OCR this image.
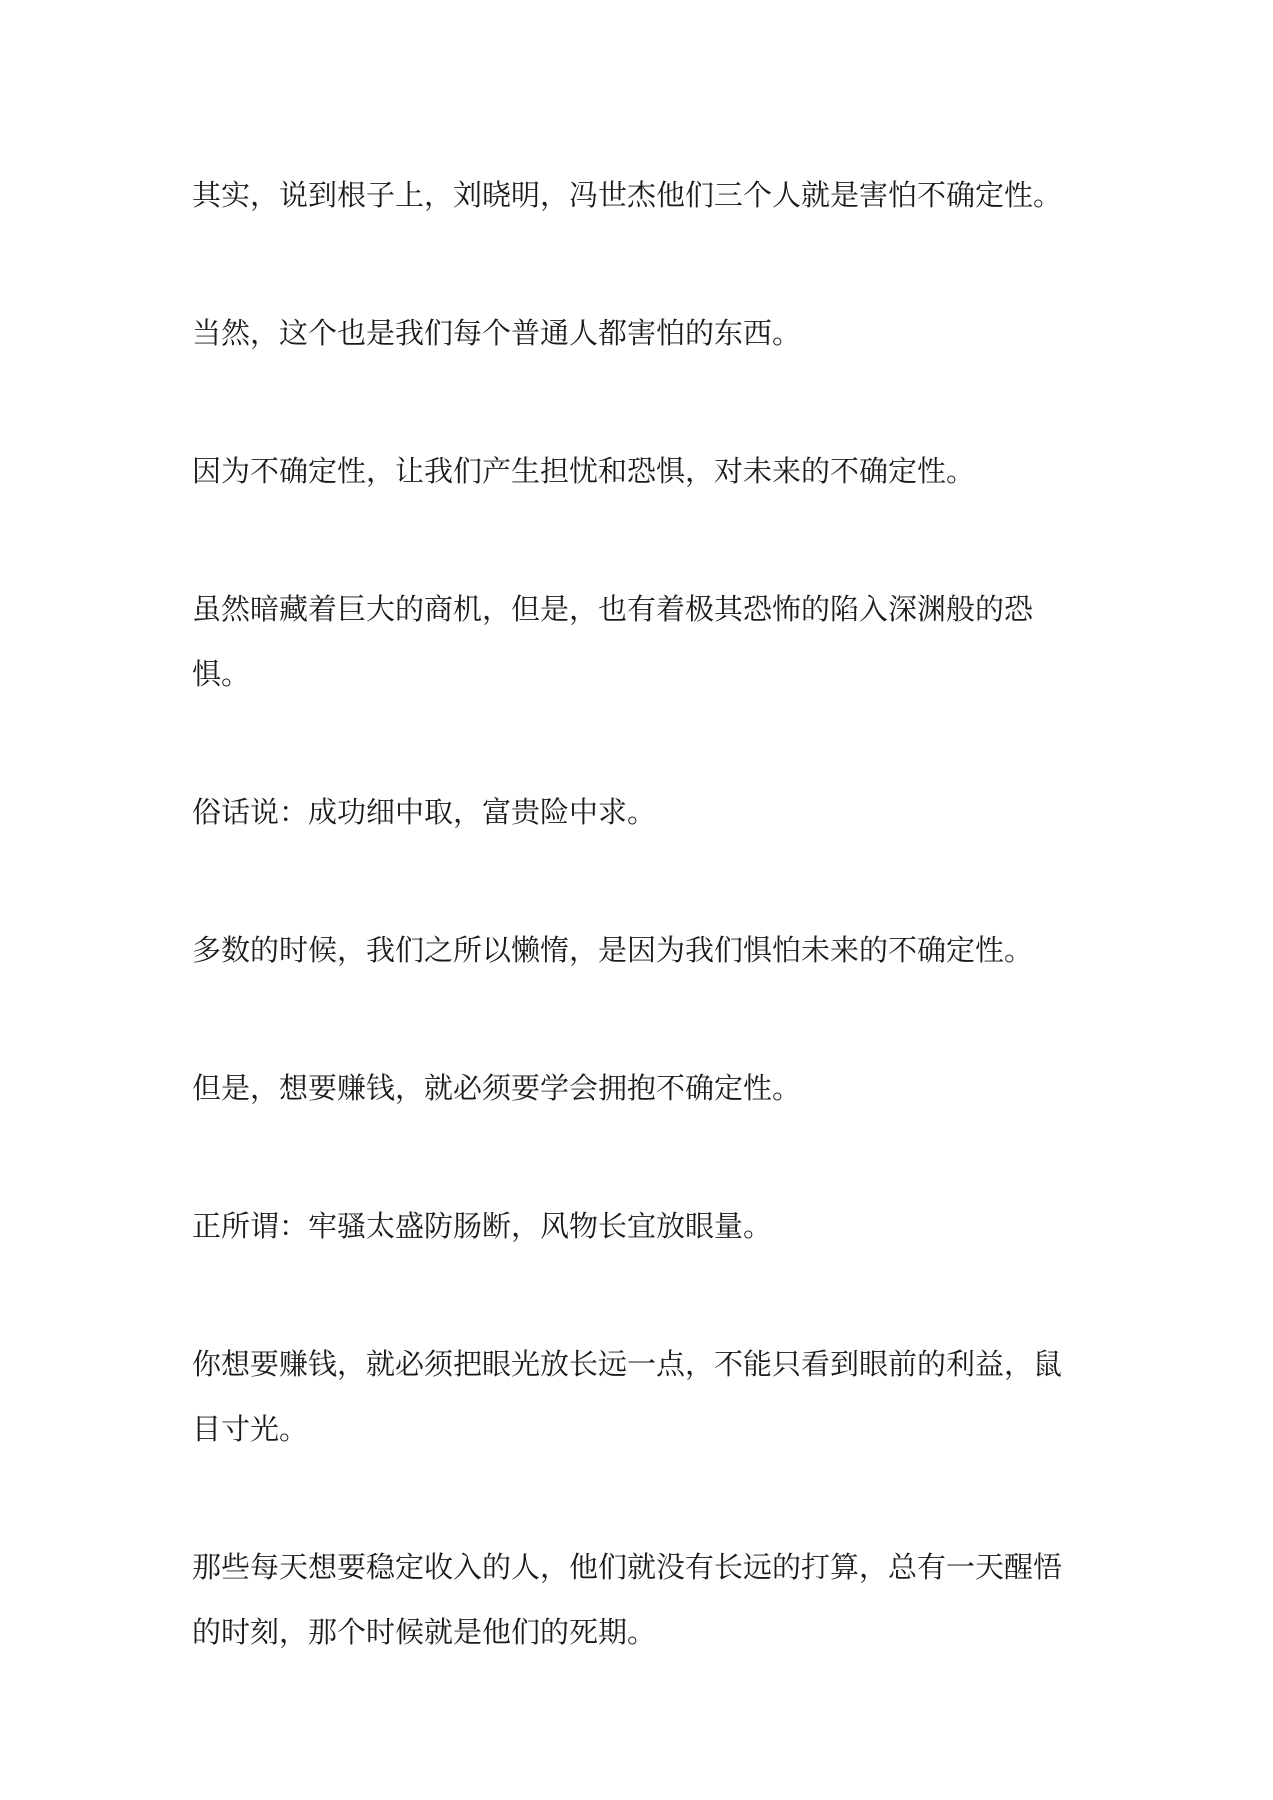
其实，说到根子上，刘晓明，冯世杰他们三个人就是害怕不确定性。

当然，这个也是我们每个普通人都害怕的东西。

因为不确定性，让我们产生担忧和恐惧，对未来的不确定性。

虽然暗藏着巨大的商机，但是，也有着极其恐怖的陷入深渊般的恐惧。

俗话说：成功细中取，富贵险中求。

多数的时候，我们之所以懒惰，是因为我们惧怕未来的不确定性。

但是，想要赚钱，就必须要学会拥抱不确定性。

正所谓：牢骚太盛防肠断，风物长宜放眼量。

你想要赚钱，就必须把眼光放长远一点，不能只看到眼前的利益，鼠目寸光。

那些每天想要稳定收入的人，他们就没有长远的打算，总有一天醒悟的时刻，那个时候就是他们的死期。
